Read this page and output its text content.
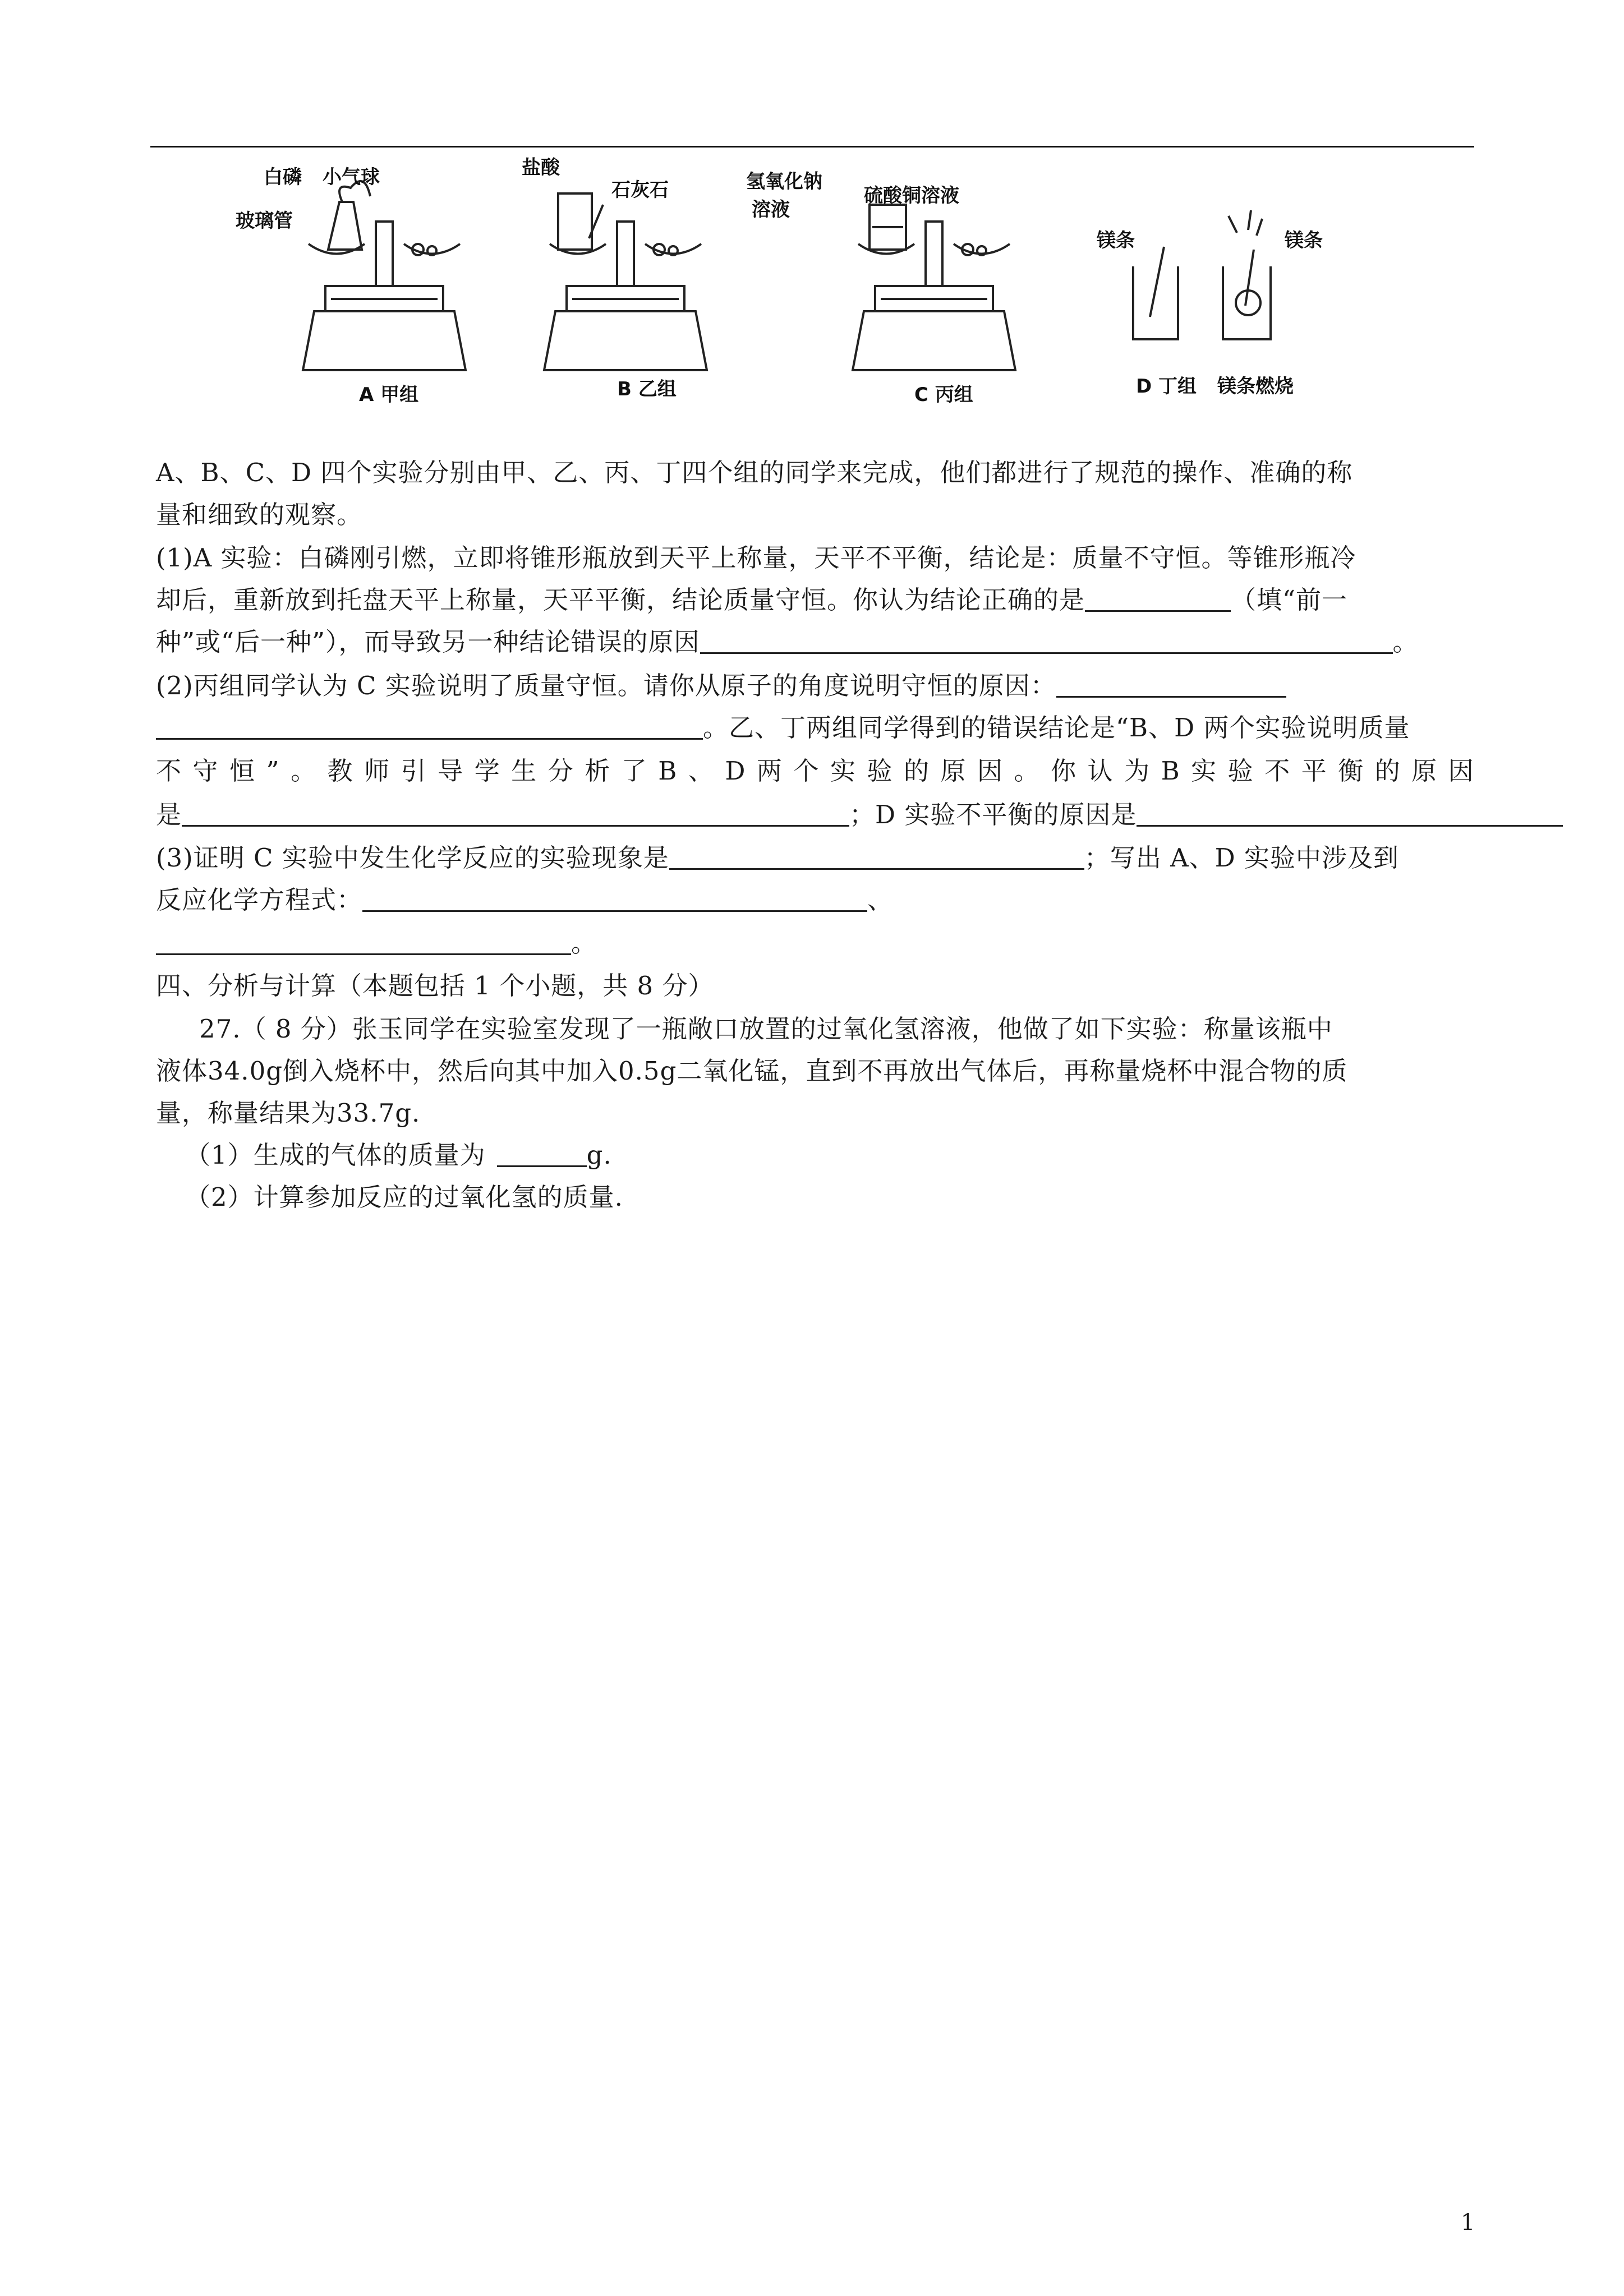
白磷 小气球
玻璃管
A 甲组
盐酸
石灰石
B 乙组
氢氧化钠
溶液
硫酸铜溶液
C 丙组
镁条	镁条
D 丁组 镁条燃烧
A、B、C、D 四个实验分别由甲、乙、丙、丁四个组的同学来完成，他们都进行了规范的操作、准确的称
量和细致的观察。
(1)A 实验：白磷刚引燃，立即将锥形瓶放到天平上称量，天平不平衡，结论是：质量不守恒。等锥形瓶冷
却后，重新放到托盘天平上称量，天平平衡，结论质量守恒。你认为结论正确的是	（填“前一
种”或“后一种”），而导致另一种结论错误的原因	。
(2)丙组同学认为 C 实验说明了质量守恒。请你从原子的角度说明守恒的原因：
。乙、丁两组同学得到的错误结论是“B、D 两个实验说明质量
不 守 恒 ” 。 教 师 引 导 学 生 分 析 了 B 、 D 两 个 实 验 的 原 因 。 你 认 为 B 实 验 不 平 衡 的 原 因
是	；D 实验不平衡的原因是
(3)证明 C 实验中发生化学反应的实验现象是	；写出 A、D 实验中涉及到
反应化学方程式：	、
。
四、分析与计算（本题包括 1 个小题，共 8 分）
27.（ 8 分）张玉同学在实验室发现了一瓶敞口放置的过氧化氢溶液，他做了如下实验：称量该瓶中
液体34.0g倒入烧杯中，然后向其中加入0.5g二氧化锰，直到不再放出气体后，再称量烧杯中混合物的质
量，称量结果为33.7g.
（1）生成的气体的质量为	g.
（2）计算参加反应的过氧化氢的质量.
1
